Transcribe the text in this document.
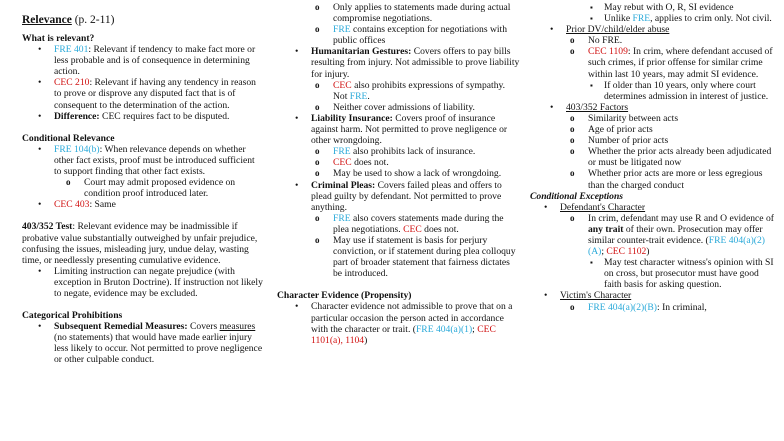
Relevance (p. 2-11)

What is relevant?

• FRE 401: Relevant if tendency to make fact more or less probable and is of consequence in determining action.
• CEC 210: Relevant if having any tendency in reason to prove or disprove any disputed fact that is of consequent to the determination of the action.
• Difference: CEC requires fact to be disputed.

Conditional Relevance

• FRE 104(b): When relevance depends on whether other fact exists, proof must be introduced sufficient to support finding that other fact exists.
o Court may admit proposed evidence on condition proof introduced later.
• CEC 403: Same

403/352 Test: Relevant evidence may be inadmissible if probative value substantially outweighed by unfair prejudice, confusing the issues, misleading jury, undue delay, wasting time, or needlessly presenting cumulative evidence.

• Limiting instruction can negate prejudice (with exception in Bruton Doctrine). If instruction not likely to negate, evidence may be excluded.

Categorical Prohibitions

• Subsequent Remedial Measures: Covers measures (no statements) that would have made earlier injury less likely to occur. Not permitted to prove negligence or other culpable conduct.
o Only applies to statements made during actual compromise negotiations.
o FRE contains exception for negotiations with public offices
• Humanitarian Gestures: Covers offers to pay bills resulting from injury. Not admissible to prove liability for injury.
o CEC also prohibits expressions of sympathy. Not FRE.
o Neither cover admissions of liability.
• Liability Insurance: Covers proof of insurance against harm. Not permitted to prove negligence or other wrongdoing.
o FRE also prohibits lack of insurance.
o CEC does not.
o May be used to show a lack of wrongdoing.
• Criminal Pleas: Covers failed pleas and offers to plead guilty by defendant. Not permitted to prove anything.
o FRE also covers statements made during the plea negotiations. CEC does not.
o May use if statement is basis for perjury conviction, or if statement during plea colloquy part of broader statement that fairness dictates be introduced.

Character Evidence (Propensity)

• Character evidence not admissible to prove that on a particular occasion the person acted in accordance with the character or trait. (FRE 404(a)(1); CEC 1101(a), 1104)
▪ May rebut with O, R, SI evidence
▪ Unlike FRE, applies to crim only. Not civil.
• Prior DV/child/elder abuse
o No FRE.
o CEC 1109: In crim, where defendant accused of such crimes, if prior offense for similar crime within last 10 years, may admit SI evidence.
▪ If older than 10 years, only where court determines admission in interest of justice.
• 403/352 Factors
o Similarity between acts
o Age of prior acts
o Number of prior acts
o Whether the prior acts already been adjudicated or must be litigated now
o Whether prior acts are more or less egregious than the charged conduct

Conditional Exceptions

• Defendant's Character
o In crim, defendant may use R and O evidence of any trait of their own. Prosecution may offer similar counter-trait evidence. (FRE 404(a)(2)(A); CEC 1102)
▪ May test character witness's opinion with SI on cross, but prosecutor must have good faith basis for asking question.
• Victim's Character
o FRE 404(a)(2)(B): In criminal,
